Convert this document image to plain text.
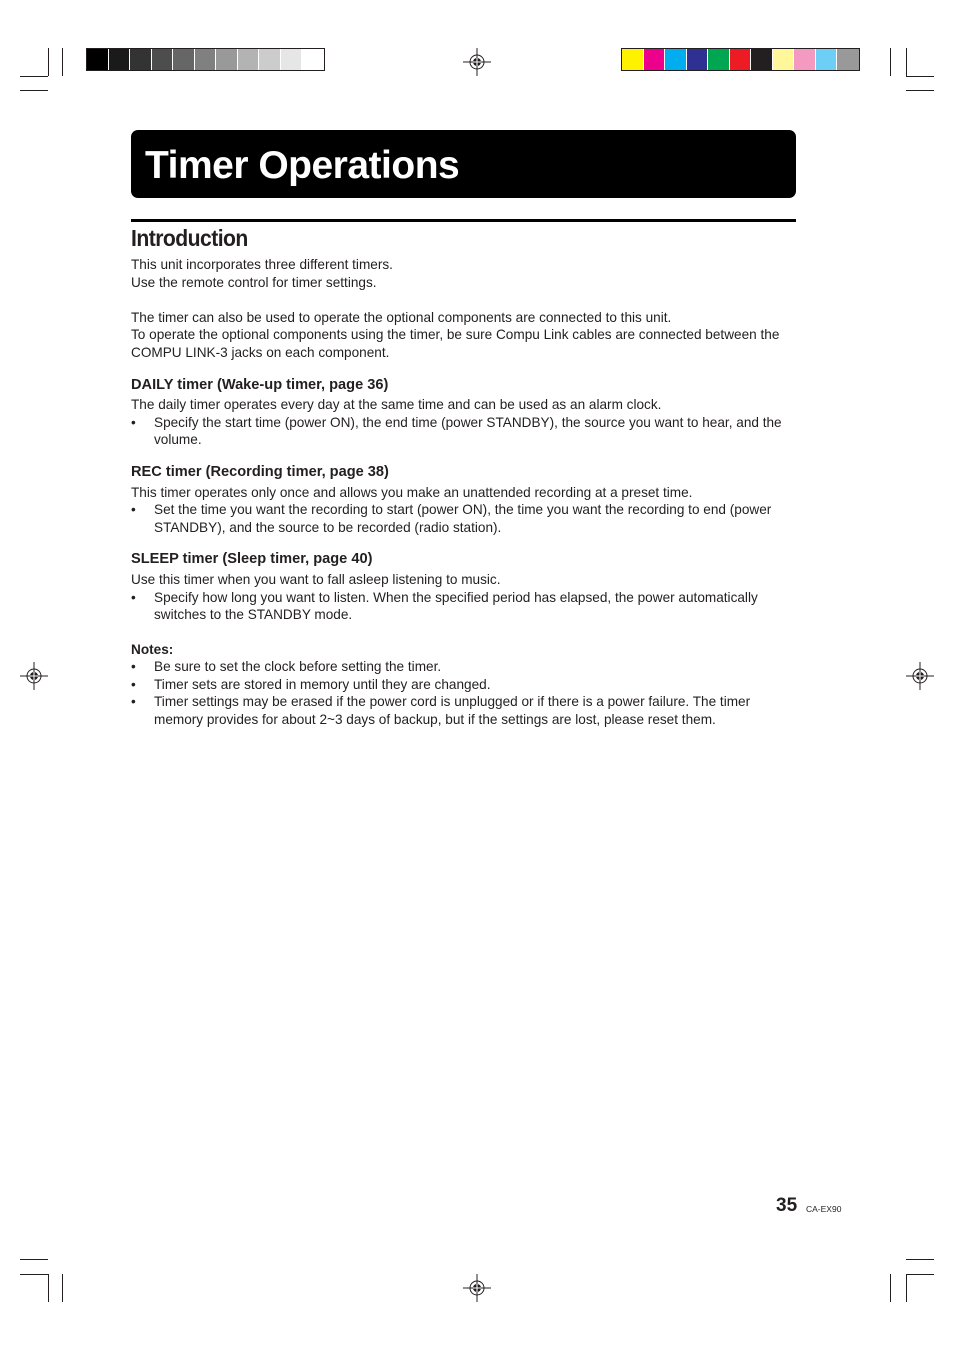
Timer Operations
Introduction

This unit incorporates three different timers.

Use the remote control for timer settings.

The timer can also be used to operate the optional components are connected to this unit.

To operate the optional components using the timer, be sure Compu Link cables are connected between the COMPU LINK-3 jacks on each component.

DAILY timer (Wake-up timer, page 36)

The daily timer operates every day at the same time and can be used as an alarm clock.

• Specify the start time (power ON), the end time (power STANDBY), the source you want to hear, and the volume.

REC timer (Recording timer, page 38)

This timer operates only once and allows you make an unattended recording at a preset time.

• Set the time you want the recording to start (power ON), the time you want the recording to end (power STANDBY), and the source to be recorded (radio station).

SLEEP timer (Sleep timer, page 40)

Use this timer when you want to fall asleep listening to music.

• Specify how long you want to listen. When the specified period has elapsed, the power automatically switches to the STANDBY mode.

Notes:

• Be sure to set the clock before setting the timer.
• Timer sets are stored in memory until they are changed.
• Timer settings may be erased if the power cord is unplugged or if there is a power failure. The timer memory provides for about 2~3 days of backup, but if the settings are lost, please reset them.
35 CA-EX90
